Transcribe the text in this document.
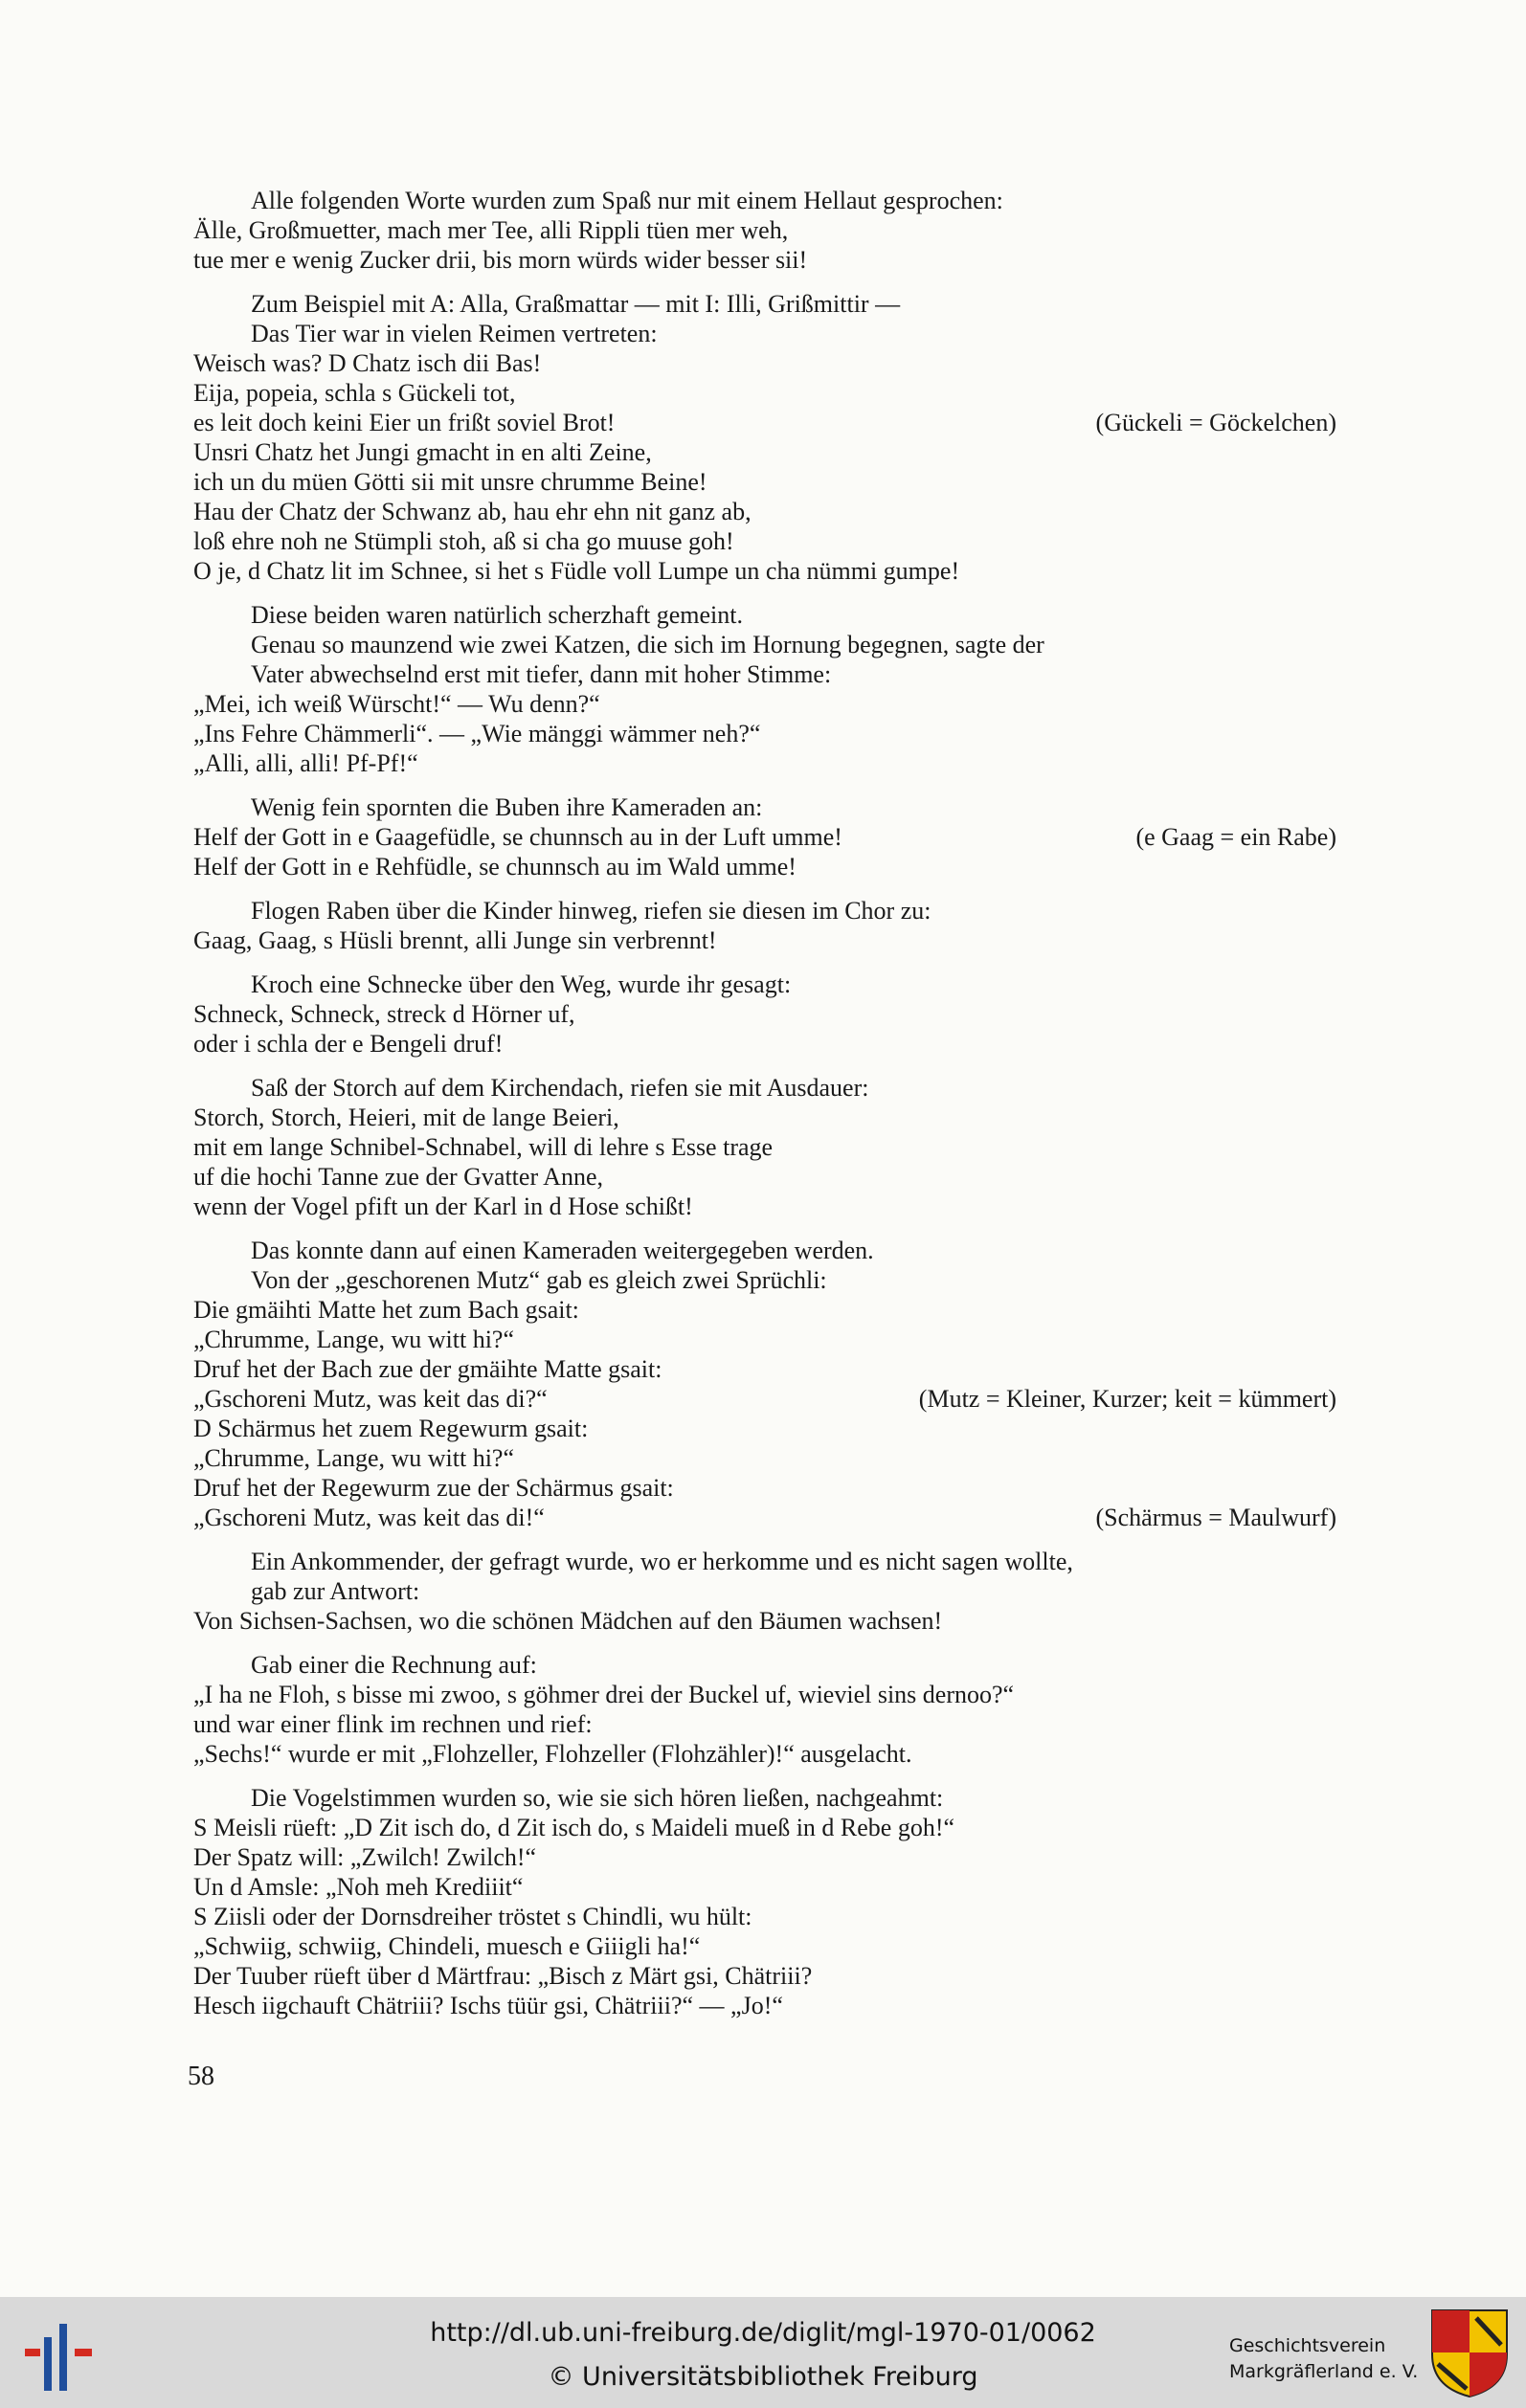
Alle folgenden Worte wurden zum Spaß nur mit einem Hellaut gesprochen:
Älle, Großmuetter, mach mer Tee, alli Rippli tüen mer weh,
tue mer e wenig Zucker drii, bis morn würds wider besser sii!
Zum Beispiel mit A: Alla, Graßmattar — mit I: Illi, Grißmittir —
Das Tier war in vielen Reimen vertreten:
Weisch was? D Chatz isch dii Bas!
Eija, popeia, schla s Gückeli tot,
es leit doch keini Eier un frißt soviel Brot!
Unsri Chatz het Jungi gmacht in en alti Zeine,
ich un du müen Götti sii mit unsre chrumme Beine!
Hau der Chatz der Schwanz ab, hau ehr ehn nit ganz ab,
loß ehre noh ne Stümpli stoh, aß si cha go muuse goh!
O je, d Chatz lit im Schnee, si het s Füdle voll Lumpe un cha nümmi gumpe!
Diese beiden waren natürlich scherzhaft gemeint.
Genau so maunzend wie zwei Katzen, die sich im Hornung begegnen, sagte der
Vater abwechselnd erst mit tiefer, dann mit hoher Stimme:
„Mei, ich weiß Würscht!“ — Wu denn?“
„Ins Fehre Chämmerli“. — „Wie mänggi wämmer neh?“
„Alli, alli, alli! Pf-Pf!“
Wenig fein spornten die Buben ihre Kameraden an:
Helf der Gott in e Gaagefüdle, se chunnsch au in der Luft umme!
Helf der Gott in e Rehfüdle, se chunnsch au im Wald umme!
Flogen Raben über die Kinder hinweg, riefen sie diesen im Chor zu:
Gaag, Gaag, s Hüsli brennt, alli Junge sin verbrennt!
Kroch eine Schnecke über den Weg, wurde ihr gesagt:
Schneck, Schneck, streck d Hörner uf,
oder i schla der e Bengeli druf!
Saß der Storch auf dem Kirchendach, riefen sie mit Ausdauer:
Storch, Storch, Heieri, mit de lange Beieri,
mit em lange Schnibel-Schnabel, will di lehre s Esse trage
uf die hochi Tanne zue der Gvatter Anne,
wenn der Vogel pfift un der Karl in d Hose schißt!
Das konnte dann auf einen Kameraden weitergegeben werden.
Von der „geschorenen Mutz“ gab es gleich zwei Sprüchli:
Die gmäihti Matte het zum Bach gsait:
„Chrumme, Lange, wu witt hi?“
Druf het der Bach zue der gmäihte Matte gsait:
„Gschoreni Mutz, was keit das di?“
D Schärmus het zuem Regewurm gsait:
„Chrumme, Lange, wu witt hi?“
Druf het der Regewurm zue der Schärmus gsait:
„Gschoreni Mutz, was keit das di!“
Ein Ankommender, der gefragt wurde, wo er herkomme und es nicht sagen wollte,
gab zur Antwort:
Von Sichsen-Sachsen, wo die schönen Mädchen auf den Bäumen wachsen!
Gab einer die Rechnung auf:
„I ha ne Floh, s bisse mi zwoo, s göhmer drei der Buckel uf, wieviel sins dernoo?“
und war einer flink im rechnen und rief:
„Sechs!“ wurde er mit „Flohzeller, Flohzeller (Flohzähler)!“ ausgelacht.
Die Vogelstimmen wurden so, wie sie sich hören ließen, nachgeahmt:
S Meisli rüeft: „D Zit isch do, d Zit isch do, s Maideli mueß in d Rebe goh!“
Der Spatz will: „Zwilch! Zwilch!“
Un d Amsle: „Noh meh Krediiit“
S Ziisli oder der Dornsdreiher tröstet s Chindli, wu hült:
„Schwiig, schwiig, Chindeli, muesch e Giiigli ha!“
Der Tuuber rüeft über d Märtfrau: „Bisch z Märt gsi, Chätriii?
Hesch iigchauft Chätriii? Ischs tüür gsi, Chätriii?“ — „Jo!“
(Gückeli = Göckelchen)
(e Gaag = ein Rabe)
(Mutz = Kleiner, Kurzer; keit = kümmert)
(Schärmus = Maulwurf)
58
http://dl.ub.uni-freiburg.de/diglit/mgl-1970-01/0062
© Universitätsbibliothek Freiburg
Geschichtsverein
Markgräflerland e. V.
